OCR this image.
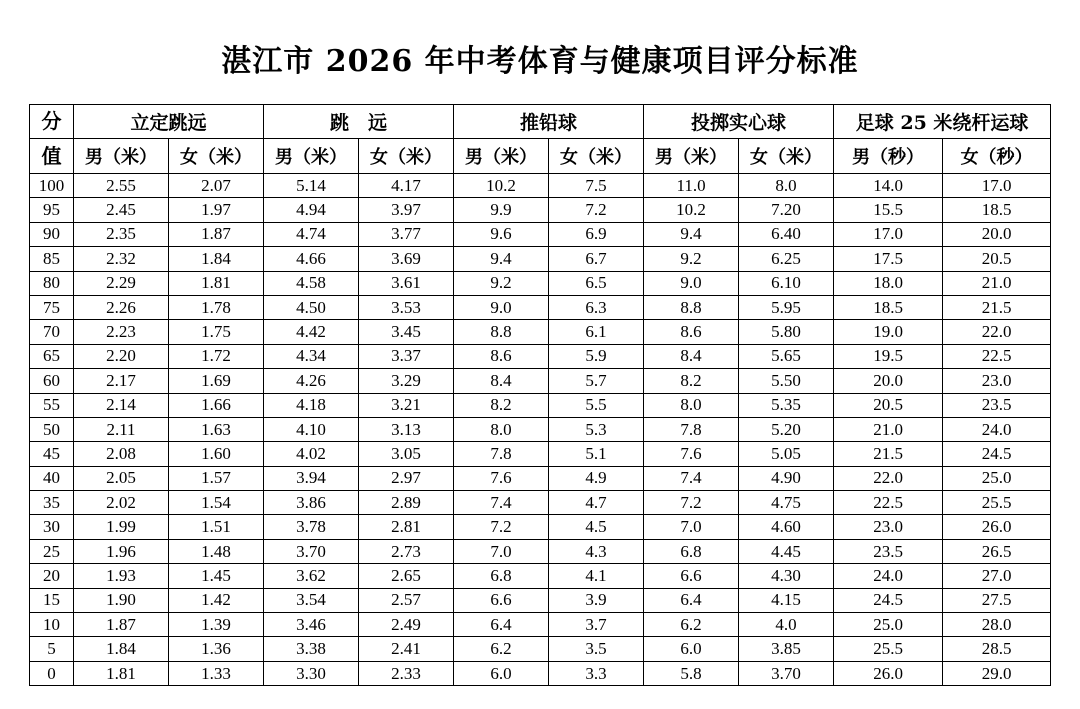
湛江市 2026 年中考体育与健康项目评分标准
分	立定跳远		跳　远		推铅球		投掷实心球		足球 25 米绕杆运球	
值	男（米）	女（米）	男（米）	女（米）	男（米）	女（米）	男（米）	女（米）	男（秒）	女（秒）
100	2.55	2.07	5.14	4.17	10.2	7.5	11.0	8.0	14.0	17.0
95	2.45	1.97	4.94	3.97	9.9	7.2	10.2	7.20	15.5	18.5
90	2.35	1.87	4.74	3.77	9.6	6.9	9.4	6.40	17.0	20.0
85	2.32	1.84	4.66	3.69	9.4	6.7	9.2	6.25	17.5	20.5
80	2.29	1.81	4.58	3.61	9.2	6.5	9.0	6.10	18.0	21.0
75	2.26	1.78	4.50	3.53	9.0	6.3	8.8	5.95	18.5	21.5
70	2.23	1.75	4.42	3.45	8.8	6.1	8.6	5.80	19.0	22.0
65	2.20	1.72	4.34	3.37	8.6	5.9	8.4	5.65	19.5	22.5
60	2.17	1.69	4.26	3.29	8.4	5.7	8.2	5.50	20.0	23.0
55	2.14	1.66	4.18	3.21	8.2	5.5	8.0	5.35	20.5	23.5
50	2.11	1.63	4.10	3.13	8.0	5.3	7.8	5.20	21.0	24.0
45	2.08	1.60	4.02	3.05	7.8	5.1	7.6	5.05	21.5	24.5
40	2.05	1.57	3.94	2.97	7.6	4.9	7.4	4.90	22.0	25.0
35	2.02	1.54	3.86	2.89	7.4	4.7	7.2	4.75	22.5	25.5
30	1.99	1.51	3.78	2.81	7.2	4.5	7.0	4.60	23.0	26.0
25	1.96	1.48	3.70	2.73	7.0	4.3	6.8	4.45	23.5	26.5
20	1.93	1.45	3.62	2.65	6.8	4.1	6.6	4.30	24.0	27.0
15	1.90	1.42	3.54	2.57	6.6	3.9	6.4	4.15	24.5	27.5
10	1.87	1.39	3.46	2.49	6.4	3.7	6.2	4.0	25.0	28.0
5	1.84	1.36	3.38	2.41	6.2	3.5	6.0	3.85	25.5	28.5
0	1.81	1.33	3.30	2.33	6.0	3.3	5.8	3.70	26.0	29.0
